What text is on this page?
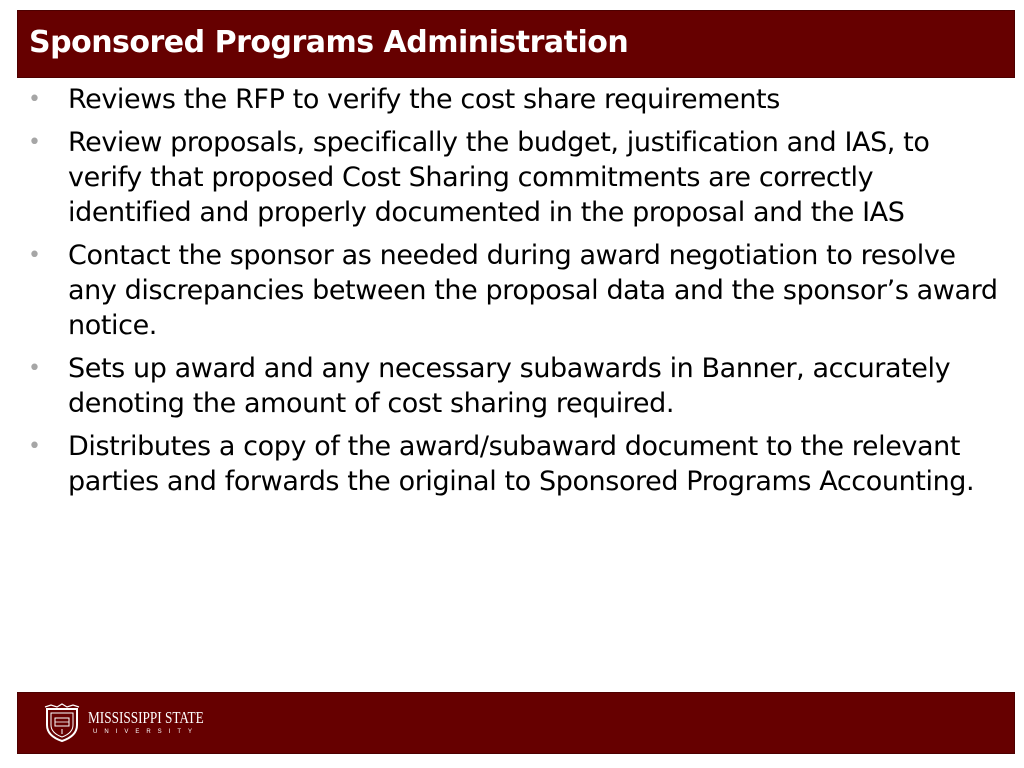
Sponsored Programs Administration
• Reviews the RFP to verify the cost share requirements
• Review proposals, specifically the budget, justification and IAS, to verify that proposed Cost Sharing commitments are correctly identified and properly documented in the proposal and the IAS
• Contact the sponsor as needed during award negotiation to resolve any discrepancies between the proposal data and the sponsor’s award notice.
• Sets up award and any necessary subawards in Banner, accurately denoting the amount of cost sharing required.
• Distributes a copy of the award/subaward document to the relevant parties and forwards the original to Sponsored Programs Accounting.
MISSISSIPPI STATE
UNIVERSITY
